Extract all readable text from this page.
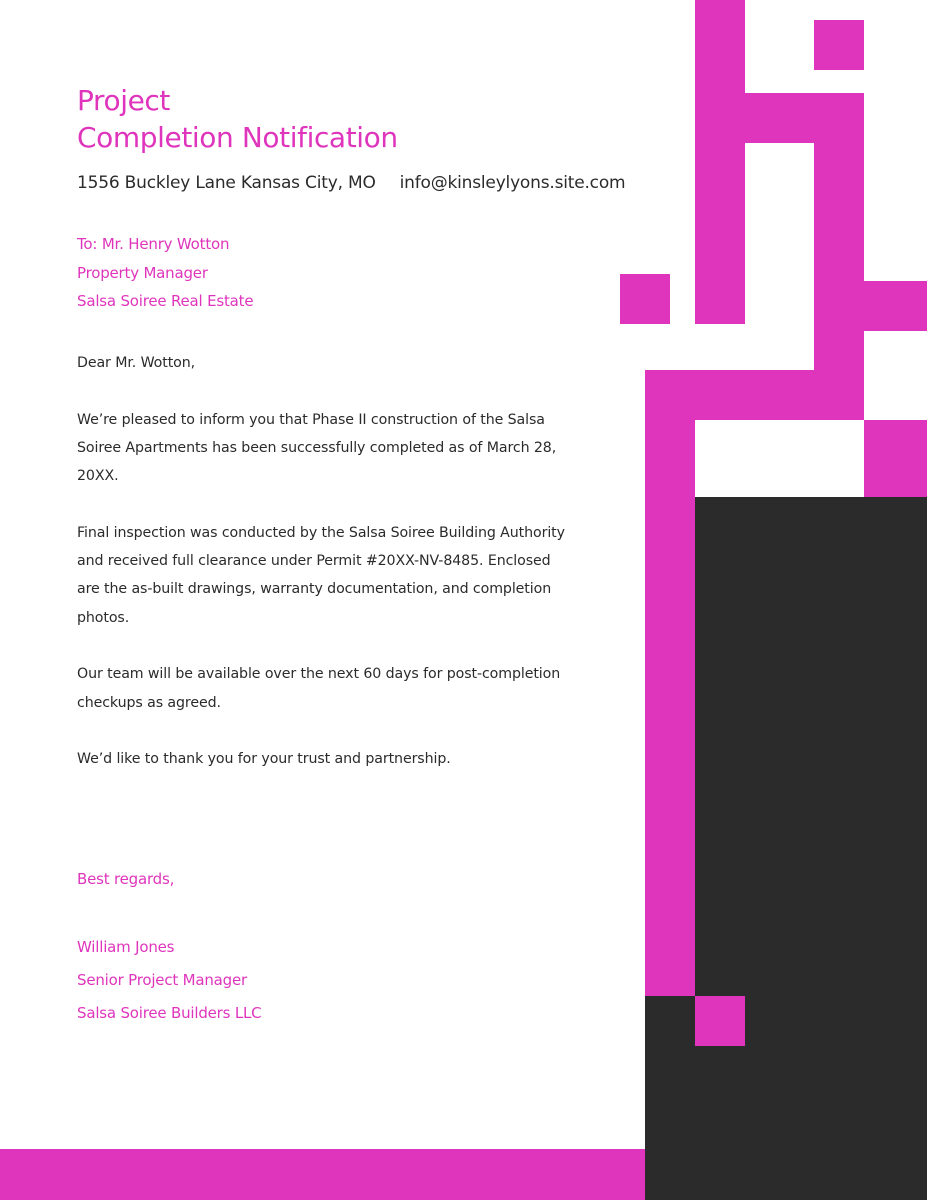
Project
Completion Notification
1556 Buckley Lane Kansas City, MO info@kinsleylyons.site.com
To: Mr. Henry Wotton
Property Manager
Salsa Soiree Real Estate

Dear Mr. Wotton,

We’re pleased to inform you that Phase II construction of the Salsa Soiree Apartments has been successfully completed as of March 28, 20XX.

Final inspection was conducted by the Salsa Soiree Building Authority and received full clearance under Permit #20XX-NV-8485. Enclosed are the as-built drawings, warranty documentation, and completion photos.

Our team will be available over the next 60 days for post-completion checkups as agreed.

We’d like to thank you for your trust and partnership.

Best regards,
William Jones
Senior Project Manager
Salsa Soiree Builders LLC
